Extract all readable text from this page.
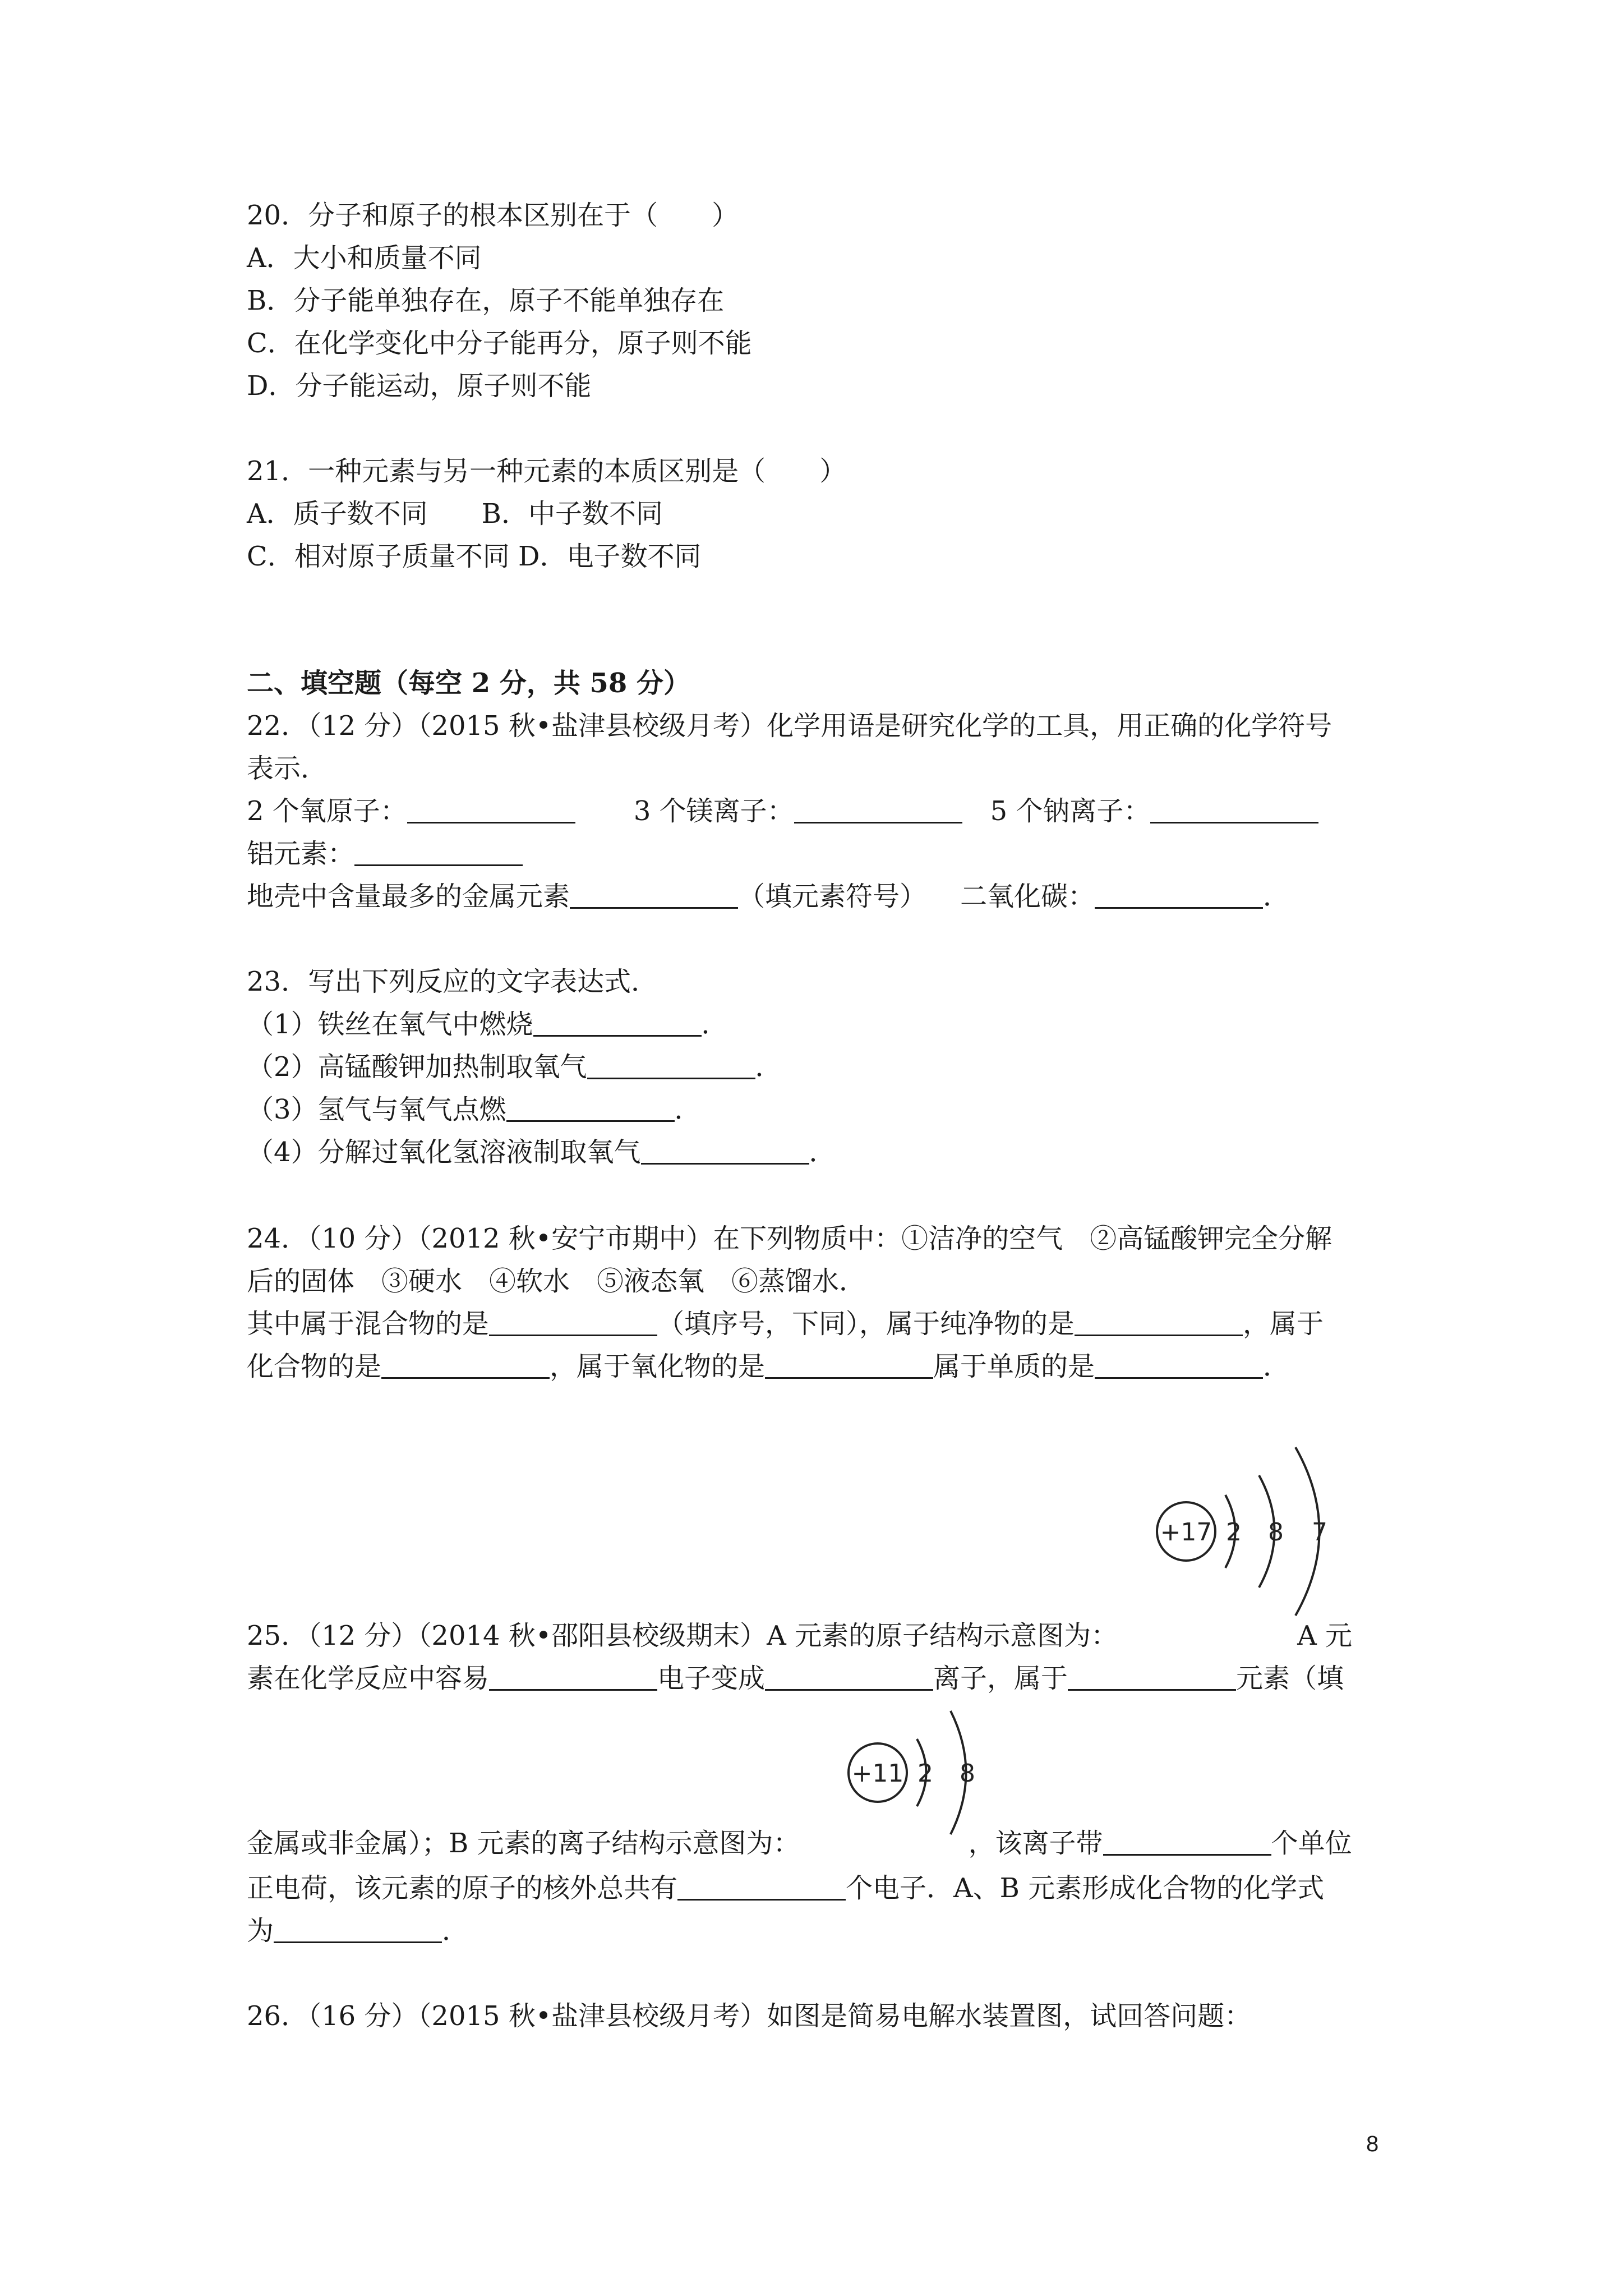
20．分子和原子的根本区别在于（　　）
A．大小和质量不同
B．分子能单独存在，原子不能单独存在
C．在化学变化中分子能再分，原子则不能
D．分子能运动，原子则不能
21．一种元素与另一种元素的本质区别是（　　）
A．质子数不同　　B．中子数不同
C．相对原子质量不同 D．电子数不同
二、填空题（每空 2 分，共 58 分）
22．（12 分）（2015 秋•盐津县校级月考）化学用语是研究化学的工具，用正确的化学符号
表示．
2 个氧原子：	3 个镁离子：	5 个钠离子：
铝元素：
地壳中含量最多的金属元素	（填元素符号） 二氧化碳：	．
23．写出下列反应的文字表达式．
（1）铁丝在氧气中燃烧	．
（2）高锰酸钾加热制取氧气	．
（3）氢气与氧气点燃	．
（4）分解过氧化氢溶液制取氧气	．
24．（10 分）（2012 秋•安宁市期中）在下列物质中：①洁净的空气　②高锰酸钾完全分解
后的固体　③硬水　④软水　⑤液态氧　⑥蒸馏水．
其中属于混合物的是	（填序号，下同），属于纯净物的是	，属于
化合物的是	，属于氧化物的是	属于单质的是	．
+17 2 8 7
25．（12 分）（2014 秋•邵阳县校级期末）A 元素的原子结构示意图为：	A 元
素在化学反应中容易	电子变成	离子，属于	元素（填
+11 2 8
金属或非金属）；B 元素的离子结构示意图为：	，该离子带	个单位
正电荷，该元素的原子的核外总共有	个电子．A、B 元素形成化合物的化学式
为	．
26．（16 分）（2015 秋•盐津县校级月考）如图是简易电解水装置图，试回答问题：
8
